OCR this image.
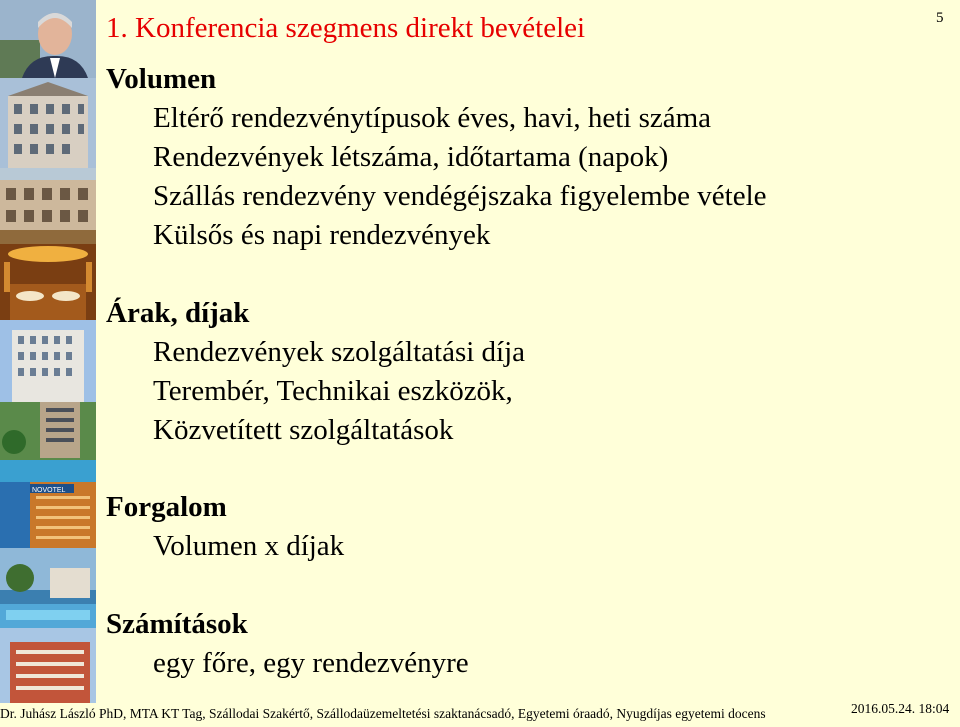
NOVOTEL
5
1. Konferencia szegmens direkt bevételei
Volumen
Eltérő rendezvénytípusok éves, havi, heti száma
Rendezvények létszáma, időtartama (napok)
Szállás rendezvény vendégéjszaka figyelembe vétele
Külsős és napi rendezvények
Árak, díjak
Rendezvények szolgáltatási díja
Terembér, Technikai eszközök,
Közvetített szolgáltatások
Forgalom
Volumen x díjak
Számítások
egy főre, egy rendezvényre
Dr. Juhász László PhD, MTA KT Tag, Szállodai Szakértő, Szállodaüzemeltetési szaktanácsadó, Egyetemi óraadó, Nyugdíjas egyetemi docens	2016.05.24. 18:04
